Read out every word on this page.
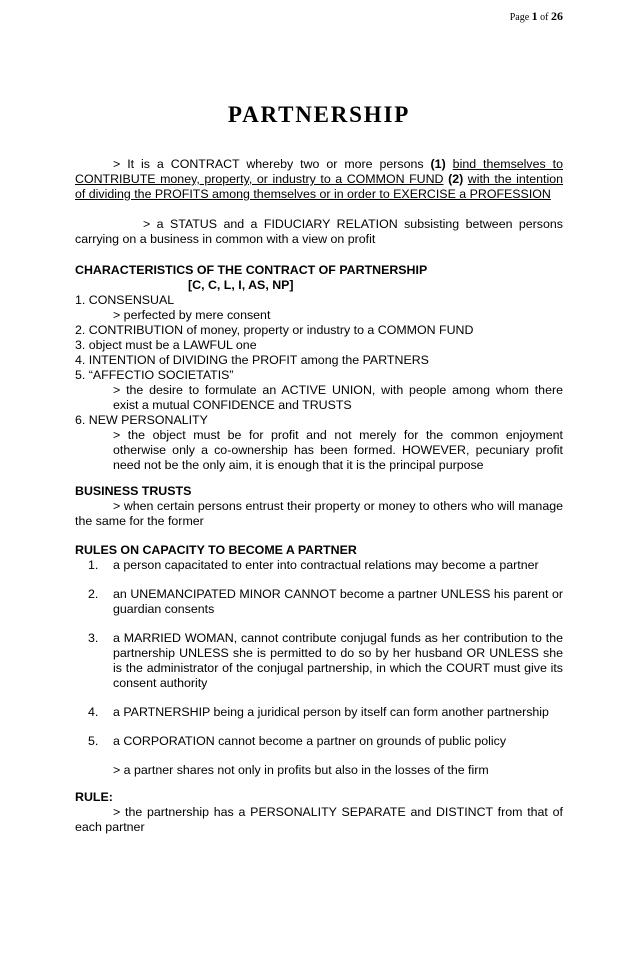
Page 1 of 26
PARTNERSHIP

> It is a CONTRACT whereby two or more persons (1) bind themselves to CONTRIBUTE money, property, or industry to a COMMON FUND (2) with the intention of dividing the PROFITS among themselves or in order to EXERCISE a PROFESSION

> a STATUS and a FIDUCIARY RELATION subsisting between persons carrying on a business in common with a view on profit

CHARACTERISTICS OF THE CONTRACT OF PARTNERSHIP

[C, C, L, I, AS, NP]

1. CONSENSUAL

> perfected by mere consent

2. CONTRIBUTION of money, property or industry to a COMMON FUND

3. object must be a LAWFUL one

4. INTENTION of DIVIDING the PROFIT among the PARTNERS

5. “AFFECTIO SOCIETATIS”

> the desire to formulate an ACTIVE UNION, with people among whom there exist a mutual CONFIDENCE and TRUSTS

6. NEW PERSONALITY

> the object must be for profit and not merely for the common enjoyment otherwise only a co-ownership has been formed. HOWEVER, pecuniary profit need not be the only aim, it is enough that it is the principal purpose

BUSINESS TRUSTS

> when certain persons entrust their property or money to others who will manage the same for the former

RULES ON CAPACITY TO BECOME A PARTNER

1. a person capacitated to enter into contractual relations may become a partner

2. an UNEMANCIPATED MINOR CANNOT become a partner UNLESS his parent or guardian consents

3. a MARRIED WOMAN, cannot contribute conjugal funds as her contribution to the partnership UNLESS she is permitted to do so by her husband OR UNLESS she is the administrator of the conjugal partnership, in which the COURT must give its consent authority

4. a PARTNERSHIP being a juridical person by itself can form another partnership

5. a CORPORATION cannot become a partner on grounds of public policy

> a partner shares not only in profits but also in the losses of the firm

RULE:

> the partnership has a PERSONALITY SEPARATE and DISTINCT from that of each partner
